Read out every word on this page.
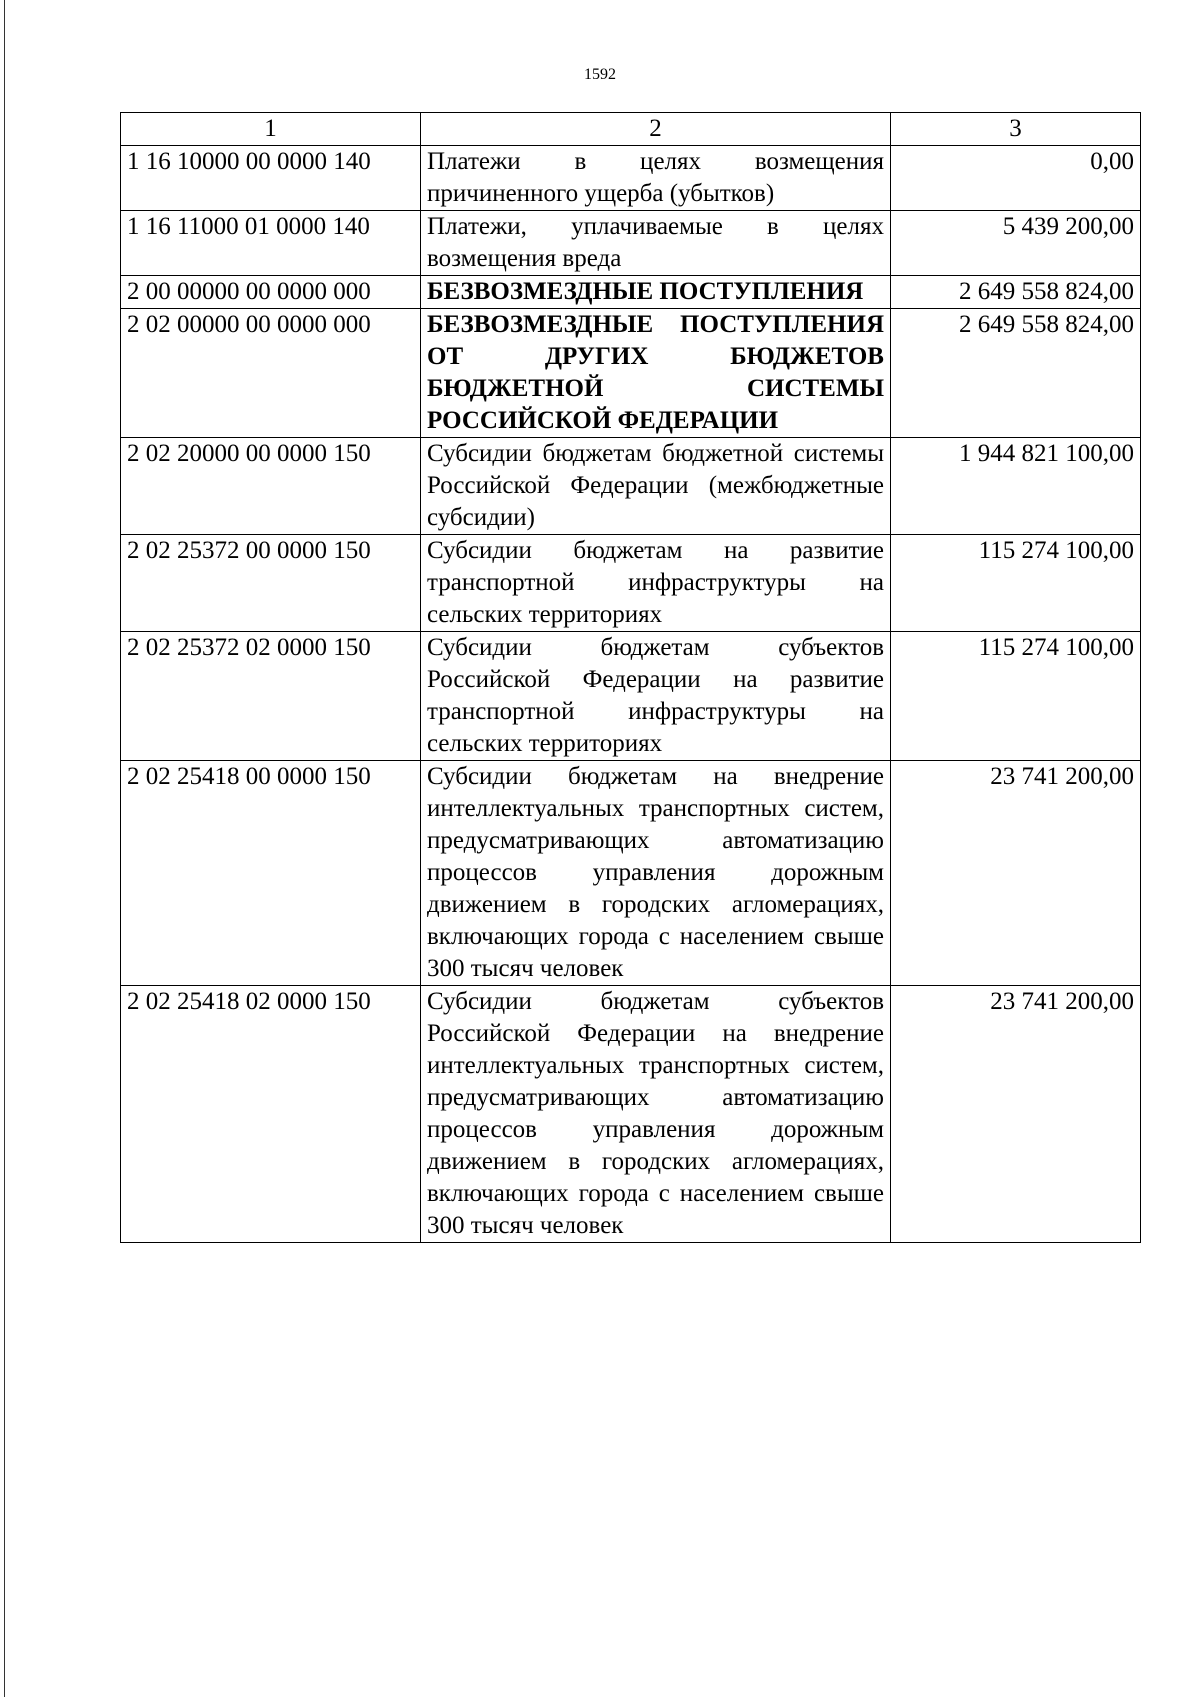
1592
1	2	3
1 16 10000 00 0000 140	Платежи в целях возмещения причиненного ущерба (убытков)	0,00
1 16 11000 01 0000 140	Платежи, уплачиваемые в целях возмещения вреда	5 439 200,00
2 00 00000 00 0000 000	БЕЗВОЗМЕЗДНЫЕ ПОСТУПЛЕНИЯ	2 649 558 824,00
2 02 00000 00 0000 000	БЕЗВОЗМЕЗДНЫЕ ПОСТУПЛЕНИЯ ОТ ДРУГИХ БЮДЖЕТОВ БЮДЖЕТНОЙ СИСТЕМЫ РОССИЙСКОЙ ФЕДЕРАЦИИ	2 649 558 824,00
2 02 20000 00 0000 150	Субсидии бюджетам бюджетной системы Российской Федерации (межбюджетные субсидии)	1 944 821 100,00
2 02 25372 00 0000 150	Субсидии бюджетам на развитие транспортной инфраструктуры на сельских территориях	115 274 100,00
2 02 25372 02 0000 150	Субсидии бюджетам субъектов Российской Федерации на развитие транспортной инфраструктуры на сельских территориях	115 274 100,00
2 02 25418 00 0000 150	Субсидии бюджетам на внедрение интеллектуальных транспортных систем, предусматривающих автоматизацию процессов управления дорожным движением в городских агломерациях, включающих города с населением свыше 300 тысяч человек	23 741 200,00
2 02 25418 02 0000 150	Субсидии бюджетам субъектов Российской Федерации на внедрение интеллектуальных транспортных систем, предусматривающих автоматизацию процессов управления дорожным движением в городских агломерациях, включающих города с населением свыше 300 тысяч человек	23 741 200,00
